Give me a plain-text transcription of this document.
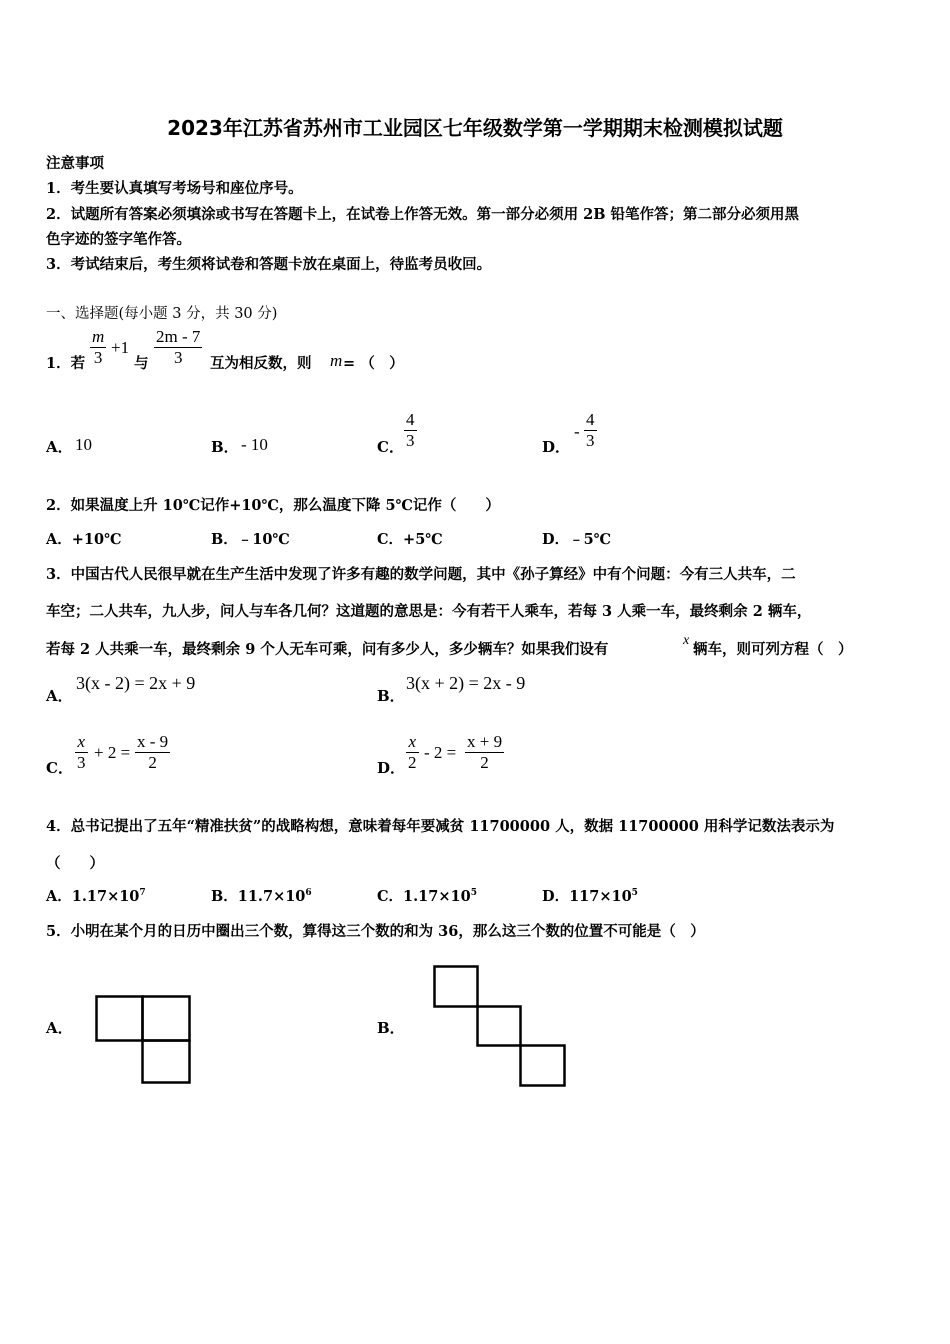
2023年江苏省苏州市工业园区七年级数学第一学期期末检测模拟试题
注意事项
1．考生要认真填写考场号和座位序号。
2．试题所有答案必须填涂或书写在答题卡上，在试卷上作答无效。第一部分必须用 2B 铅笔作答；第二部分必须用黑
色字迹的签字笔作答。
3．考试结束后，考生须将试卷和答题卡放在桌面上，待监考员收回。
一、选择题(每小题 3 分，共 30 分)
1．若 $\frac{m}{3} +1$
与 $\frac{2m - 7}{3}$ 互为相反数，则 m = （　）
A． 10	B． - 10	C． $\frac{4}{3}$	D．
- $\frac{4}{3}$
2．如果温度上升 10℃记作+10℃，那么温度下降 5℃记作（　　）
A．+10℃	B．﹣10℃	C．+5℃	D．﹣5℃
3．中国古代人民很早就在生产生活中发现了许多有趣的数学问题，其中《孙子算经》中有个问题：今有三人共车，二
车空；二人共车，九人步，问人与车各几何？这道题的意思是：今有若干人乘车，若每 3 人乘一车，最终剩余 2 辆车，
若每 2 人共乘一车，最终剩余 9 个人无车可乘，问有多少人，多少辆车？如果我们设有
x
辆车，则可列方程（　）
A．
3(x - 2) = 2x + 9
B．
3(x + 2) = 2x - 9
C． $\frac{x}{3} + 2 = \frac{x - 9}{2}$	D． $\frac{x}{2} - 2 = \frac{x + 9}{2}$
4．总书记提出了五年“精准扶贫”的战略构想，意味着每年要减贫 11700000 人，数据 11700000 用科学记数法表示为
（　　）
A．$1.17\times 10^7$	B．$11.7\times 10^6$	C．$1.17\times 10^5$	D．$117\times 10^5$
5．小明在某个月的日历中圈出三个数，算得这三个数的和为 36，那么这三个数的位置不可能是（　）
A．	B．
